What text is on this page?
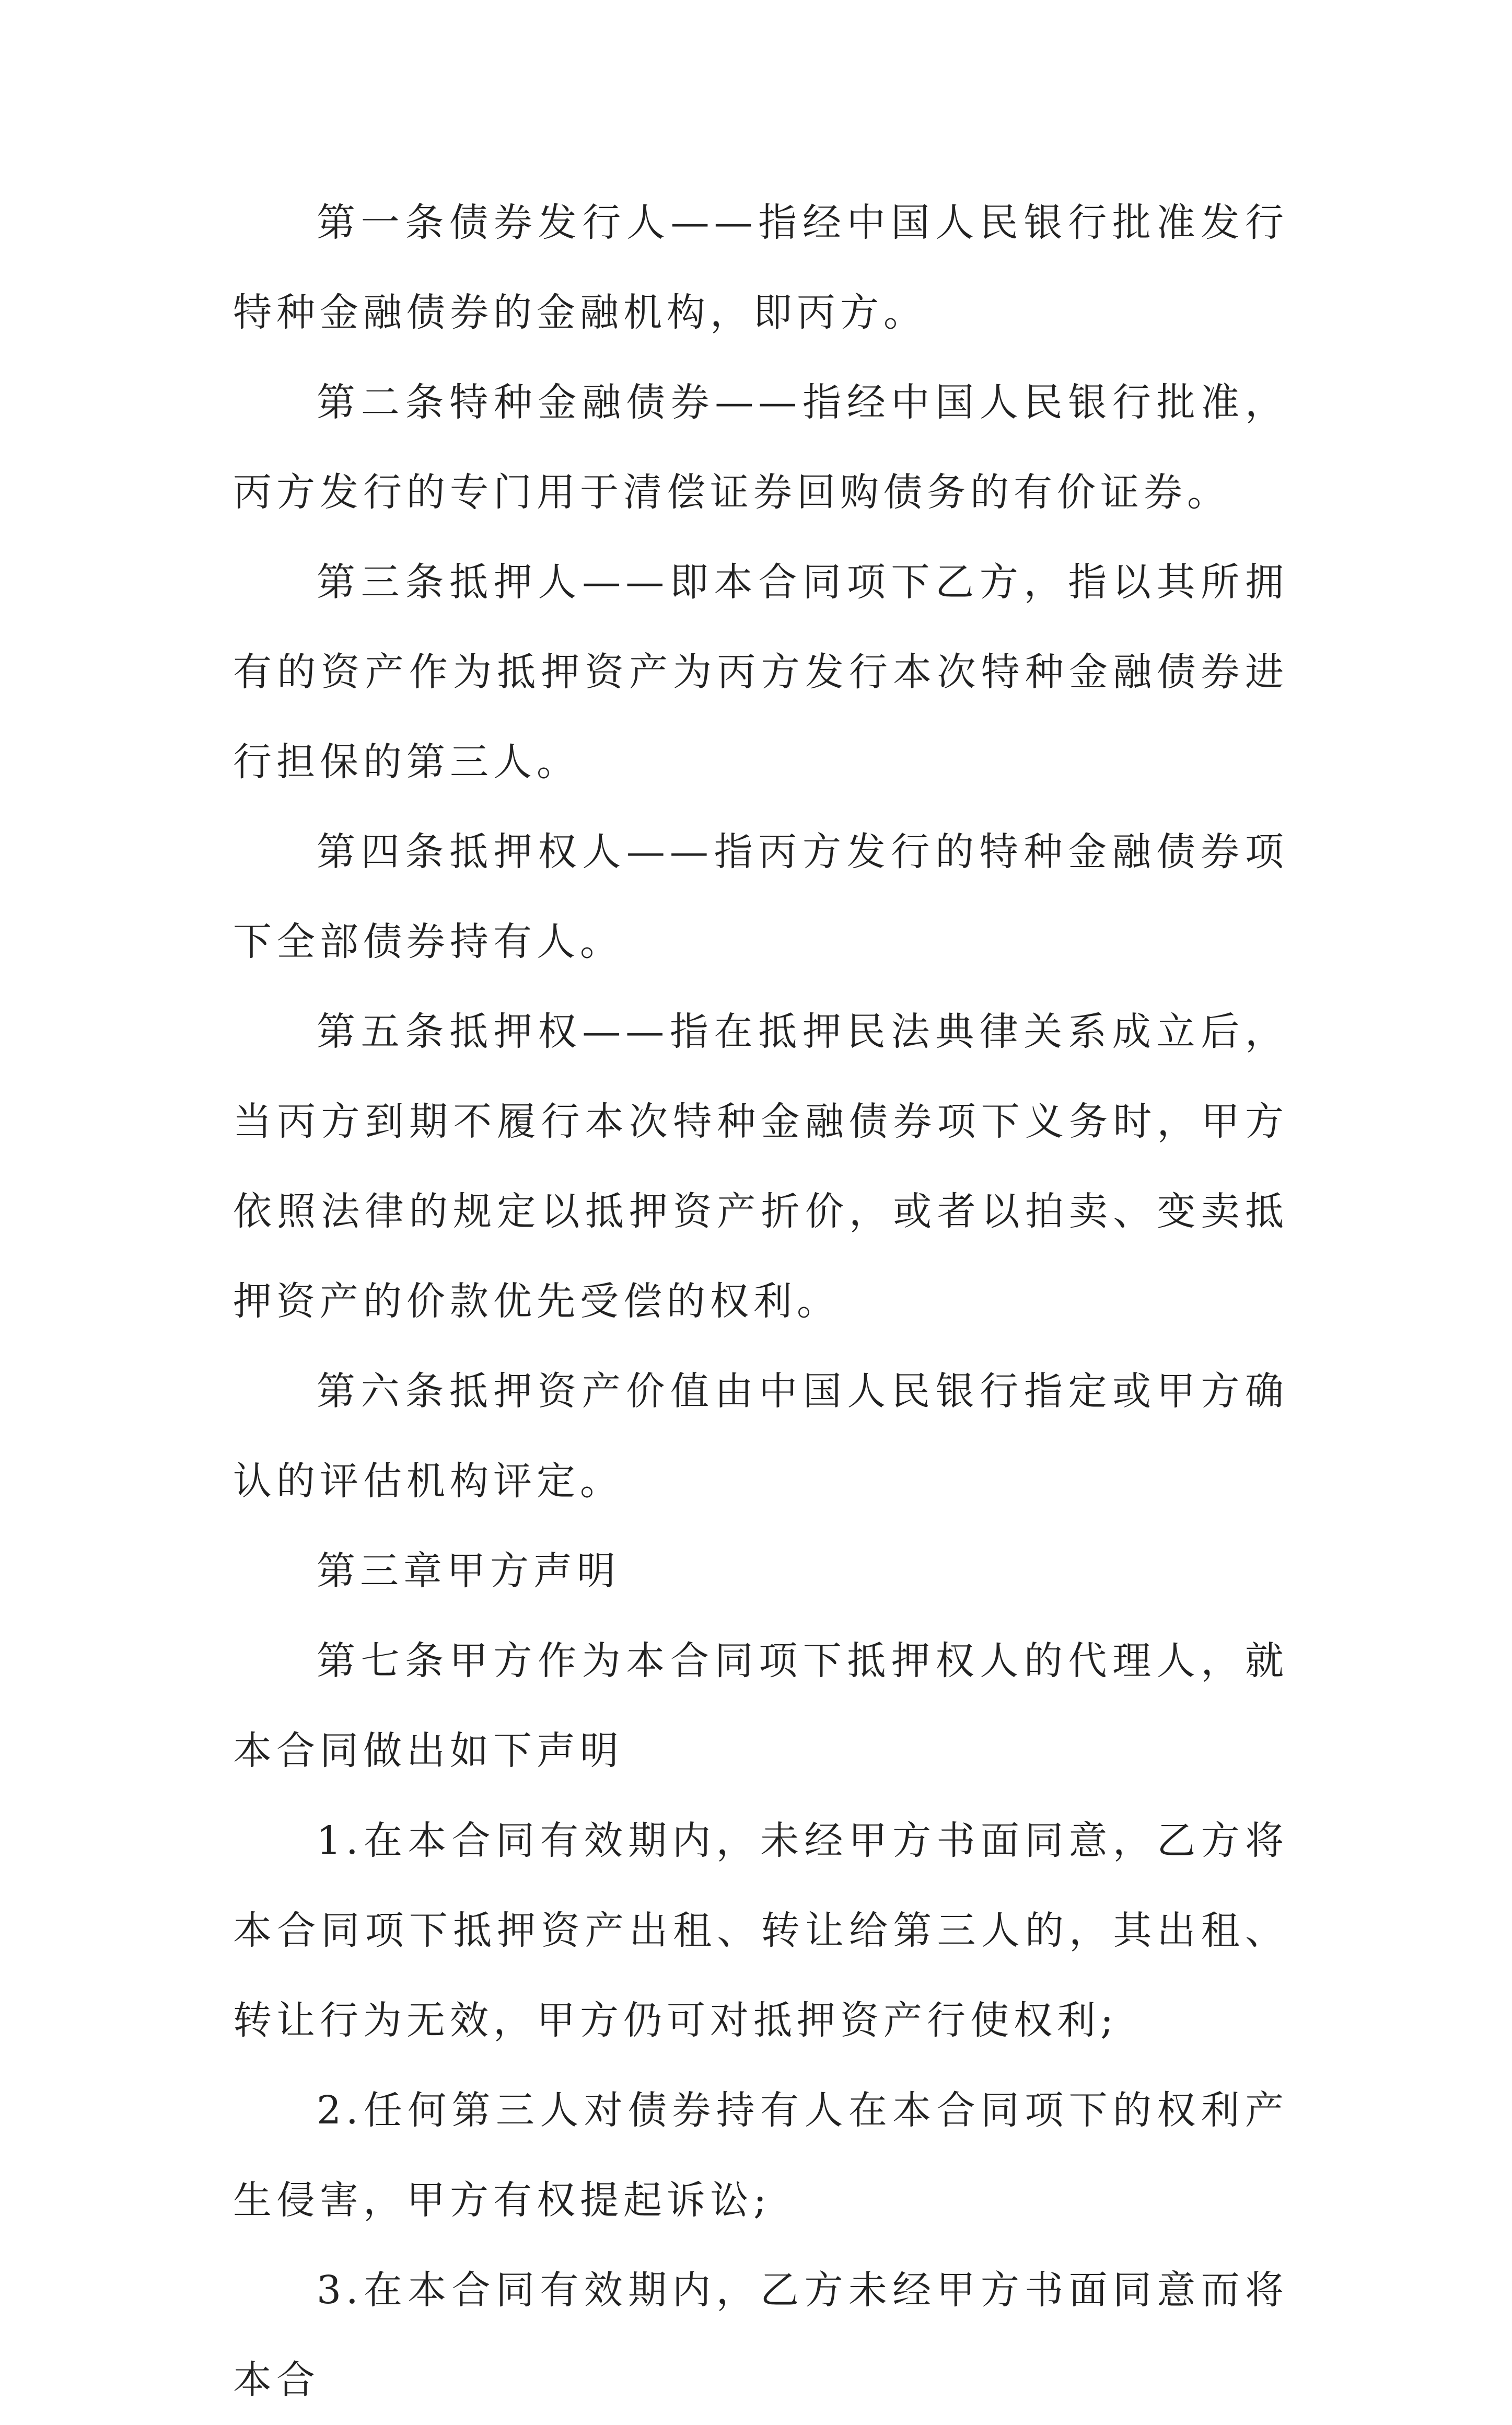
第一条债券发行人——指经中国人民银行批准发行特种金融债券的金融机构，即丙方。

第二条特种金融债券——指经中国人民银行批准，丙方发行的专门用于清偿证券回购债务的有价证券。

第三条抵押人——即本合同项下乙方，指以其所拥有的资产作为抵押资产为丙方发行本次特种金融债券进行担保的第三人。

第四条抵押权人——指丙方发行的特种金融债券项下全部债券持有人。

第五条抵押权——指在抵押民法典律关系成立后，当丙方到期不履行本次特种金融债券项下义务时，甲方依照法律的规定以抵押资产折价，或者以拍卖、变卖抵押资产的价款优先受偿的权利。

第六条抵押资产价值由中国人民银行指定或甲方确认的评估机构评定。

第三章甲方声明

第七条甲方作为本合同项下抵押权人的代理人，就本合同做出如下声明

1.在本合同有效期内，未经甲方书面同意，乙方将本合同项下抵押资产出租、转让给第三人的，其出租、转让行为无效，甲方仍可对抵押资产行使权利;

2.任何第三人对债券持有人在本合同项下的权利产生侵害，甲方有权提起诉讼;

3.在本合同有效期内，乙方未经甲方书面同意而将本合
